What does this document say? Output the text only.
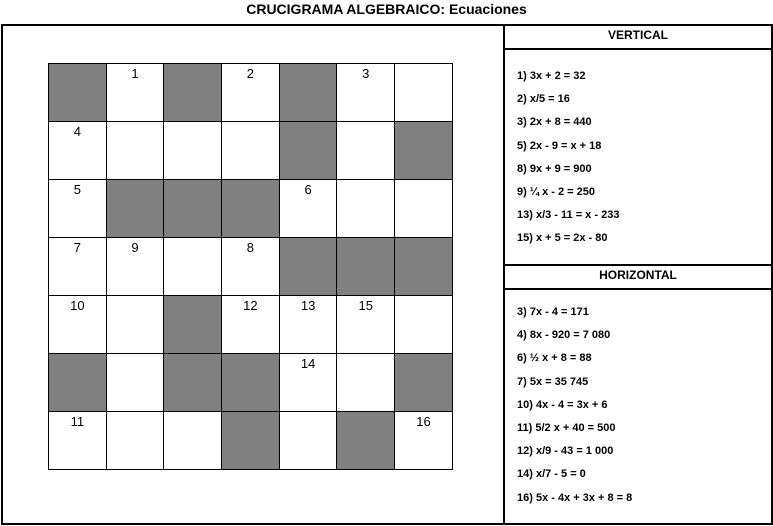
CRUCIGRAMA ALGEBRAICO: Ecuaciones
1	2	3
4
5	6
7	9	8
10	12	13	15
14
11	16
VERTICAL
1) 3x + 2 = 32
2) x/5 = 16
3) 2x + 8 = 440
5) 2x - 9 = x + 18
8) 9x + 9 = 900
9) ¼ x - 2 = 250
13) x/3 - 11 = x - 233
15) x + 5 = 2x - 80
HORIZONTAL
3) 7x - 4 = 171
4) 8x - 920 = 7 080
6) ½ x + 8 = 88
7) 5x = 35 745
10) 4x - 4 = 3x + 6
11) 5/2 x + 40 = 500
12) x/9 - 43 = 1 000
14) x/7 - 5 = 0
16) 5x - 4x + 3x + 8 = 8
